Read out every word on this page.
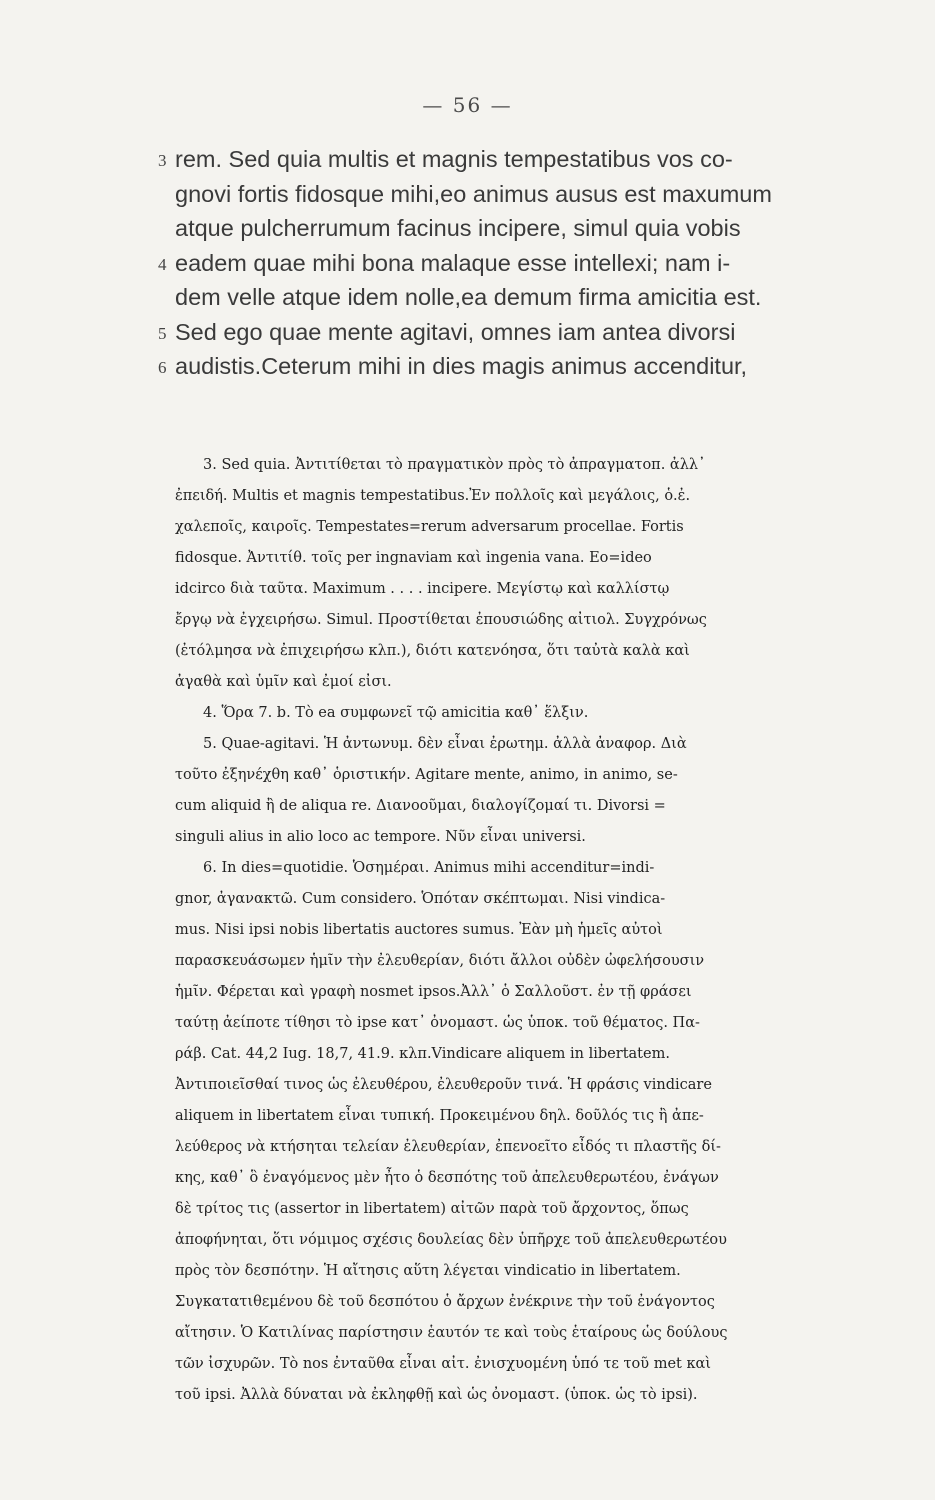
— 56 —
3 rem. Sed quia multis et magnis tempestatibus vos co-
gnovi fortis fidosque mihi,eo animus ausus est maxumum
atque pulcherrumum facinus incipere, simul quia vobis
4 eadem quae mihi bona malaque esse intellexi; nam i-
dem velle atque idem nolle,ea demum firma amicitia est.
5 Sed ego quae mente agitavi, omnes iam antea divorsi
6 audistis.Ceterum mihi in dies magis animus accenditur,
3. Sed quia. Ἀντιτίθεται τὸ πραγματικὸν πρὸς τὸ ἀπραγματοπ. ἀλλ᾽
ἐπειδή. Multis et magnis tempestatibus.Ἐν πολλοῖς καὶ μεγάλοις, ὁ.ἐ.
χαλεποῖς, καιροῖς. Tempestates=rerum adversarum procellae. Fortis
fidosque. Ἀντιτίθ. τοῖς per ingnaviam καὶ ingenia vana. Eo=ideo
idcirco διὰ ταῦτα. Maximum . . . . incipere. Μεγίστῳ καὶ καλλίστῳ
ἔργῳ νὰ ἐγχειρήσω. Simul. Προστίθεται ἐπουσιώδης αἰτιολ. Συγχρόνως
(ἐτόλμησα νὰ ἐπιχειρήσω κλπ.), διότι κατενόησα, ὅτι ταὐτὰ καλὰ καὶ
ἀγαθὰ καὶ ὑμῖν καὶ ἐμοί εἰσι.
4. Ὅρα 7. b. Τὸ ea συμφωνεῖ τῷ amicitia καθ᾽ ἕλξιν.
5. Quae-agitavi. Ἡ ἀντωνυμ. δὲν εἶναι ἐρωτημ. ἀλλὰ ἀναφορ. Διὰ
τοῦτο ἐξηνέχθη καθ᾽ ὁριστικήν. Agitare mente, animo, in animo, se-
cum aliquid ἢ de aliqua re. Διανοοῦμαι, διαλογίζομαί τι. Divorsi =
singuli alius in alio loco ac tempore. Νῦν εἶναι universi.
6. In dies=quotidie. Ὁσημέραι. Animus mihi accenditur=indi-
gnor, ἀγανακτῶ. Cum considero. Ὁπόταν σκέπτωμαι. Nisi vindica-
mus. Nisi ipsi nobis libertatis auctores sumus. Ἐὰν μὴ ἡμεῖς αὐτοὶ
παρασκευάσωμεν ἡμῖν τὴν ἐλευθερίαν, διότι ἄλλοι οὐδὲν ὠφελήσουσιν
ἡμῖν. Φέρεται καὶ γραφὴ nosmet ipsos.Ἀλλ᾽ ὁ Σαλλοῦστ. ἐν τῇ φράσει
ταύτῃ ἀείποτε τίθησι τὸ ipse κατ᾽ ὀνομαστ. ὡς ὑποκ. τοῦ θέματος. Πα-
ράβ. Cat. 44,2 Iug. 18,7, 41.9. κλπ.Vindicare aliquem in libertatem.
Ἀντιποιεῖσθαί τινος ὡς ἐλευθέρου, ἐλευθεροῦν τινά. Ἡ φράσις vindicare
aliquem in libertatem εἶναι τυπική. Προκειμένου δηλ. δοῦλός τις ἢ ἀπε-
λεύθερος νὰ κτήσηται τελείαν ἐλευθερίαν, ἐπενοεῖτο εἶδός τι πλαστῆς δί-
κης, καθ᾽ ὃ ἐναγόμενος μὲν ἦτο ὁ δεσπότης τοῦ ἀπελευθερωτέου, ἐνάγων
δὲ τρίτος τις (assertor in libertatem) αἰτῶν παρὰ τοῦ ἄρχοντος, ὅπως
ἀποφήνηται, ὅτι νόμιμος σχέσις δουλείας δὲν ὑπῆρχε τοῦ ἀπελευθερωτέου
πρὸς τὸν δεσπότην. Ἡ αἴτησις αὕτη λέγεται vindicatio in libertatem.
Συγκατατιθεμένου δὲ τοῦ δεσπότου ὁ ἄρχων ἐνέκρινε τὴν τοῦ ἐνάγοντος
αἴτησιν. Ὁ Κατιλίνας παρίστησιν ἑαυτόν τε καὶ τοὺς ἑταίρους ὡς δούλους
τῶν ἰσχυρῶν. Τὸ nos ἐνταῦθα εἶναι αἰτ. ἐνισχυομένη ὑπό τε τοῦ met καὶ
τοῦ ipsi. Ἀλλὰ δύναται νὰ ἐκληφθῇ καὶ ὡς ὀνομαστ. (ὑποκ. ὡς τὸ ipsi).
